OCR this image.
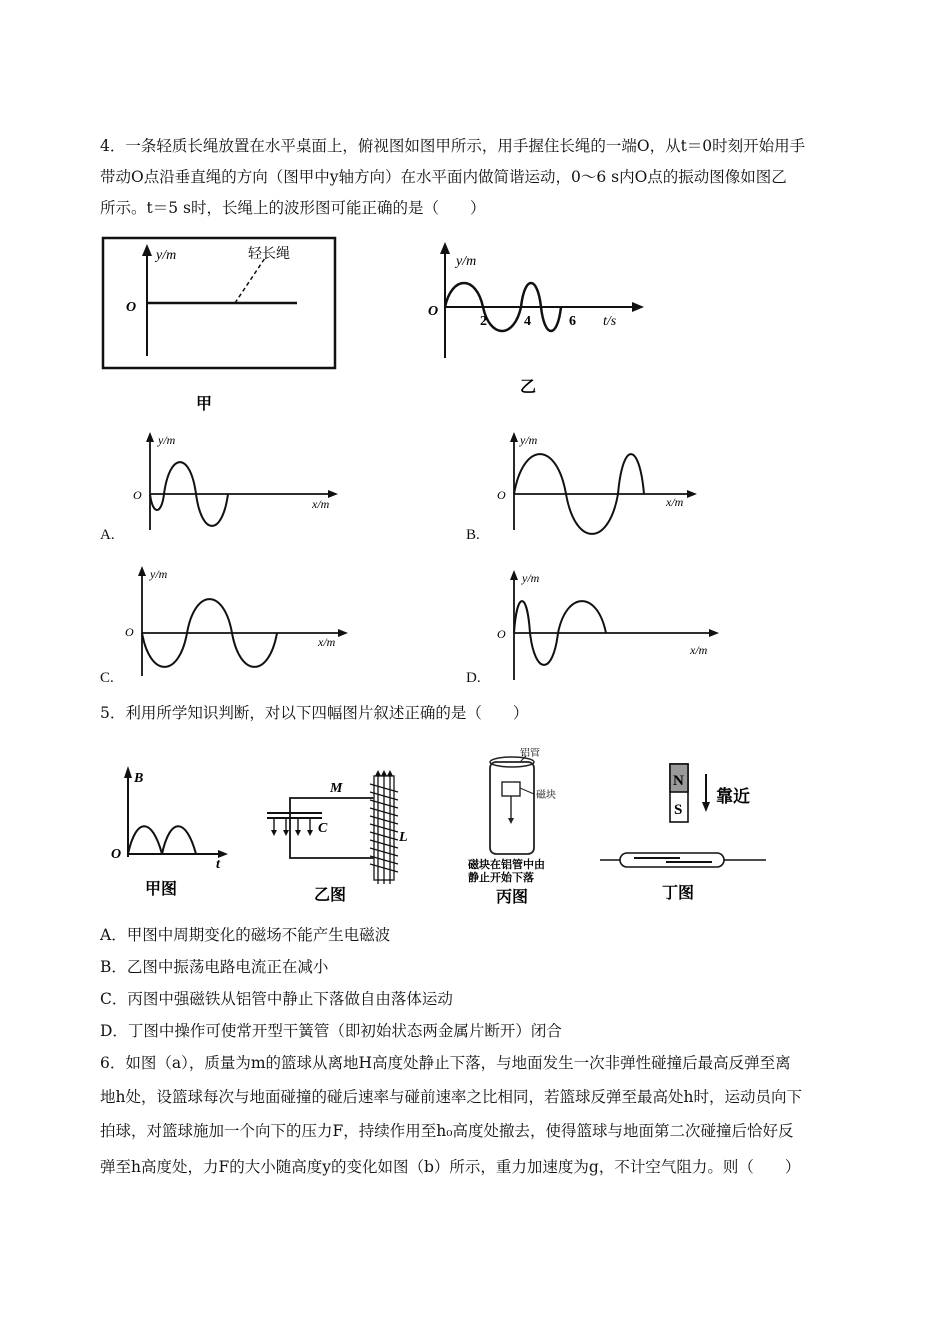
4．一条轻质长绳放置在水平桌面上，俯视图如图甲所示，用手握住长绳的一端O，从t＝0时刻开始用手
带动O点沿垂直绳的方向（图甲中y轴方向）在水平面内做简谐运动，0～6 s内O点的振动图像如图乙
所示。t＝5 s时，长绳上的波形图可能正确的是（　　）
y/m
O
轻长绳
甲
y/m
O
2	4	6 t/s
乙
y/m
O
x/m
A.
y/m
O	x/m
B.
y/m
O
x/m
C.
y/m
O
x/m
D.
5．利用所学知识判断，对以下四幅图片叙述正确的是（　　）
B
O
t
甲图
M
C
L
乙图
铝管
磁块
磁块在铝管中由
静止开始下落
丙图
N
S
靠近
丁图
A．甲图中周期变化的磁场不能产生电磁波
B．乙图中振荡电路电流正在减小
C．丙图中强磁铁从铝管中静止下落做自由落体运动
D．丁图中操作可使常开型干簧管（即初始状态两金属片断开）闭合
6．如图（a），质量为m的篮球从离地H高度处静止下落，与地面发生一次非弹性碰撞后最高反弹至离
地h处，设篮球每次与地面碰撞的碰后速率与碰前速率之比相同，若篮球反弹至最高处h时，运动员向下
拍球，对篮球施加一个向下的压力F，持续作用至h₀高度处撤去，使得篮球与地面第二次碰撞后恰好反
弹至h高度处，力F的大小随高度y的变化如图（b）所示，重力加速度为g，不计空气阻力。则（　　）
